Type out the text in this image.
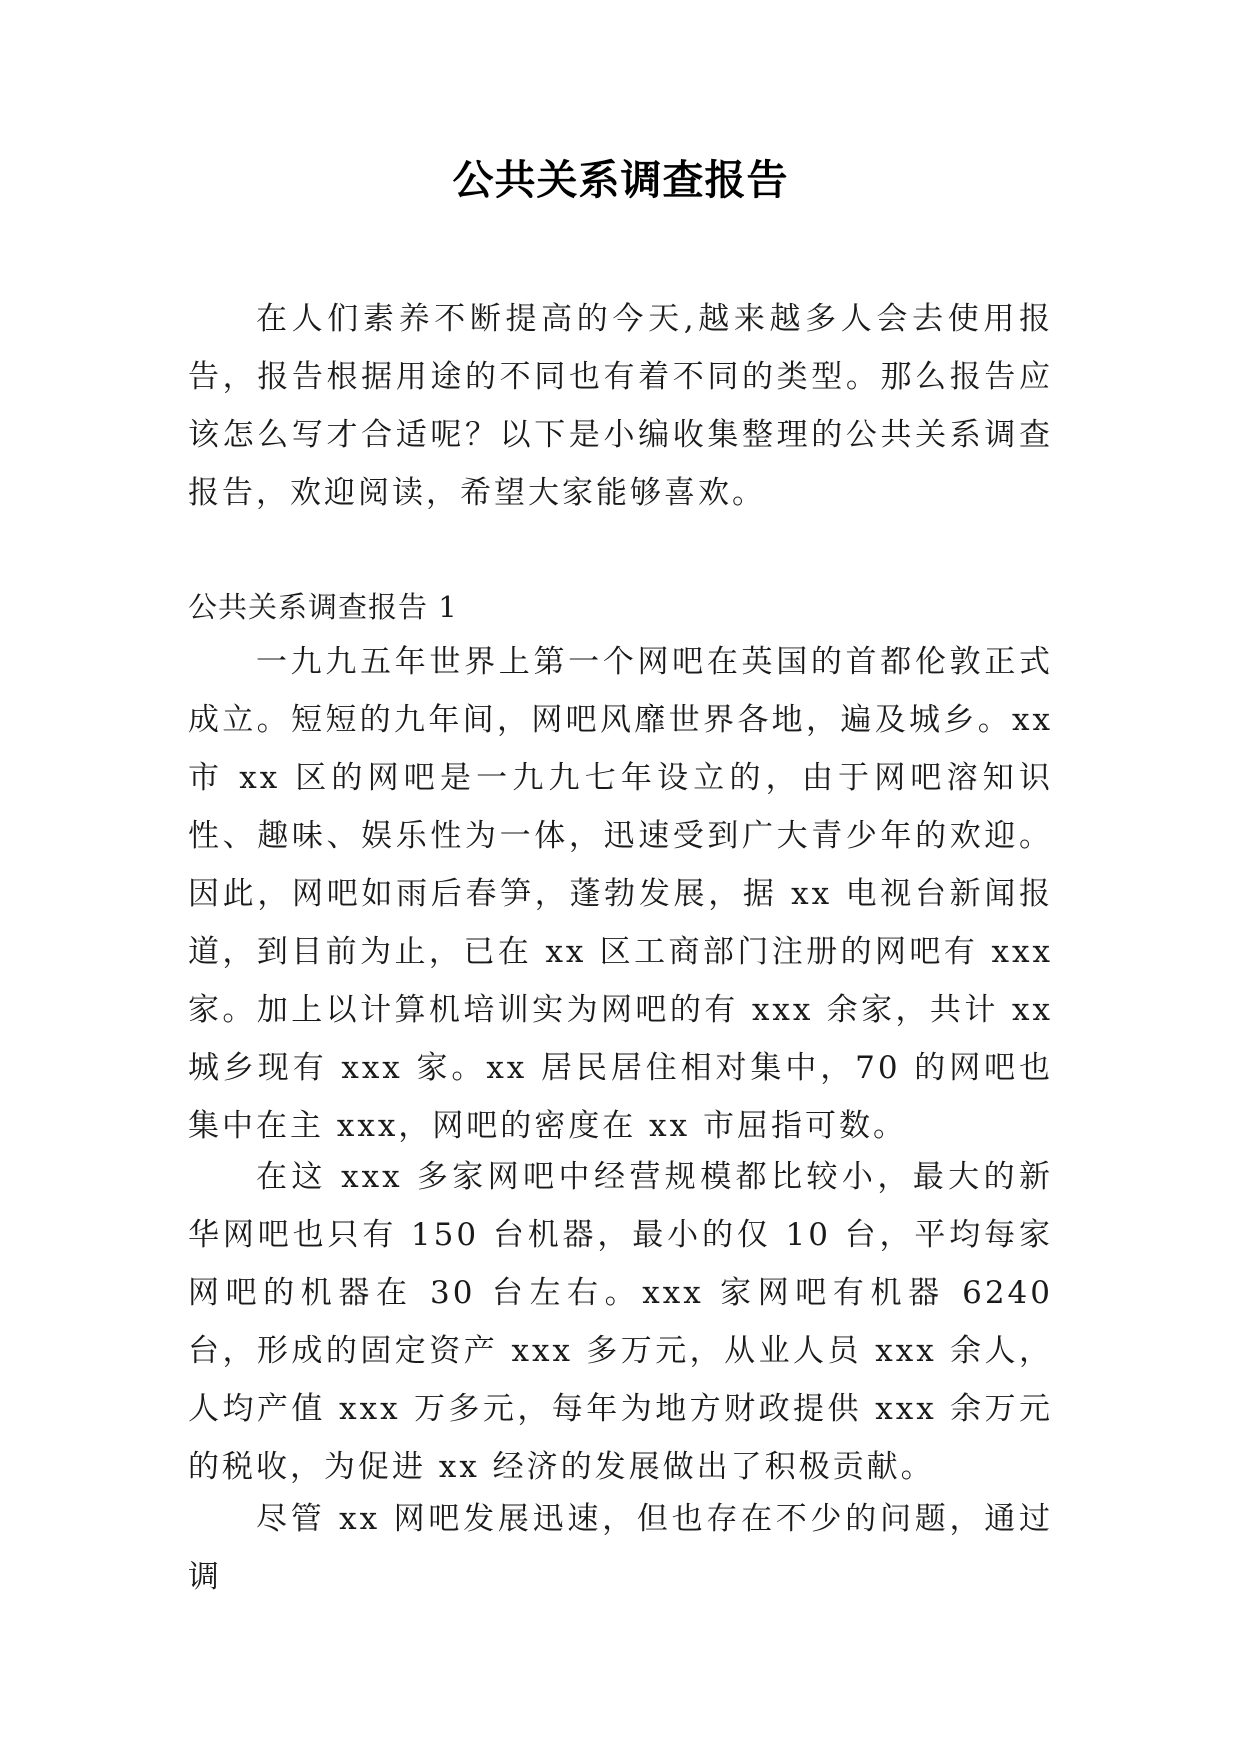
公共关系调查报告

在人们素养不断提高的今天,越来越多人会去使用报告，报告根据用途的不同也有着不同的类型。那么报告应该怎么写才合适呢？以下是小编收集整理的公共关系调查报告，欢迎阅读，希望大家能够喜欢。

公共关系调查报告 1

一九九五年世界上第一个网吧在英国的首都伦敦正式成立。短短的九年间，网吧风靡世界各地，遍及城乡。xx 市 xx 区的网吧是一九九七年设立的，由于网吧溶知识性、趣味、娱乐性为一体，迅速受到广大青少年的欢迎。因此，网吧如雨后春笋，蓬勃发展，据 xx 电视台新闻报道，到目前为止，已在 xx 区工商部门注册的网吧有 xxx 家。加上以计算机培训实为网吧的有 xxx 余家，共计 xx 城乡现有 xxx 家。xx 居民居住相对集中，70 的网吧也集中在主 xxx，网吧的密度在 xx 市屈指可数。

在这 xxx 多家网吧中经营规模都比较小，最大的新华网吧也只有 150 台机器，最小的仅 10 台，平均每家网吧的机器在 30 台左右。xxx 家网吧有机器 6240 台，形成的固定资产 xxx 多万元，从业人员 xxx 余人，人均产值 xxx 万多元，每年为地方财政提供 xxx 余万元的税收，为促进 xx 经济的发展做出了积极贡献。

尽管 xx 网吧发展迅速，但也存在不少的问题，通过调
